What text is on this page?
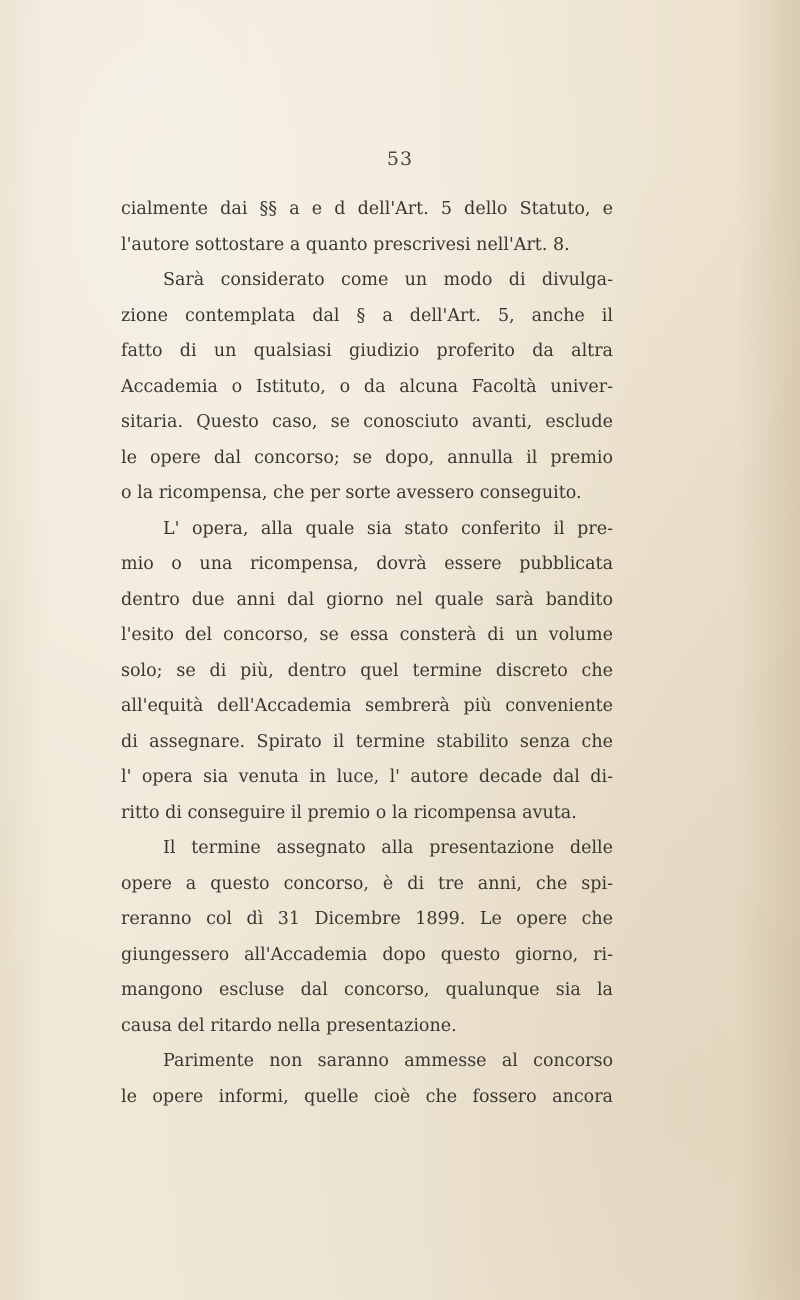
53
cialmente dai §§ a e d dell'Art. 5 dello Statuto, e
l'autore sottostare a quanto prescrivesi nell'Art. 8.
Sarà considerato come un modo di divulga-
zione contemplata dal § a dell'Art. 5, anche il
fatto di un qualsiasi giudizio proferito da altra
Accademia o Istituto, o da alcuna Facoltà univer-
sitaria. Questo caso, se conosciuto avanti, esclude
le opere dal concorso; se dopo, annulla il premio
o la ricompensa, che per sorte avessero conseguito.
L' opera, alla quale sia stato conferito il pre-
mio o una ricompensa, dovrà essere pubblicata
dentro due anni dal giorno nel quale sarà bandito
l'esito del concorso, se essa consterà di un volume
solo; se di più, dentro quel termine discreto che
all'equità dell'Accademia sembrerà più conveniente
di assegnare. Spirato il termine stabilito senza che
l' opera sia venuta in luce, l' autore decade dal di-
ritto di conseguire il premio o la ricompensa avuta.
Il termine assegnato alla presentazione delle
opere a questo concorso, è di tre anni, che spi-
reranno col dì 31 Dicembre 1899. Le opere che
giungessero all'Accademia dopo questo giorno, ri-
mangono escluse dal concorso, qualunque sia la
causa del ritardo nella presentazione.
Parimente non saranno ammesse al concorso
le opere informi, quelle cioè che fossero ancora
